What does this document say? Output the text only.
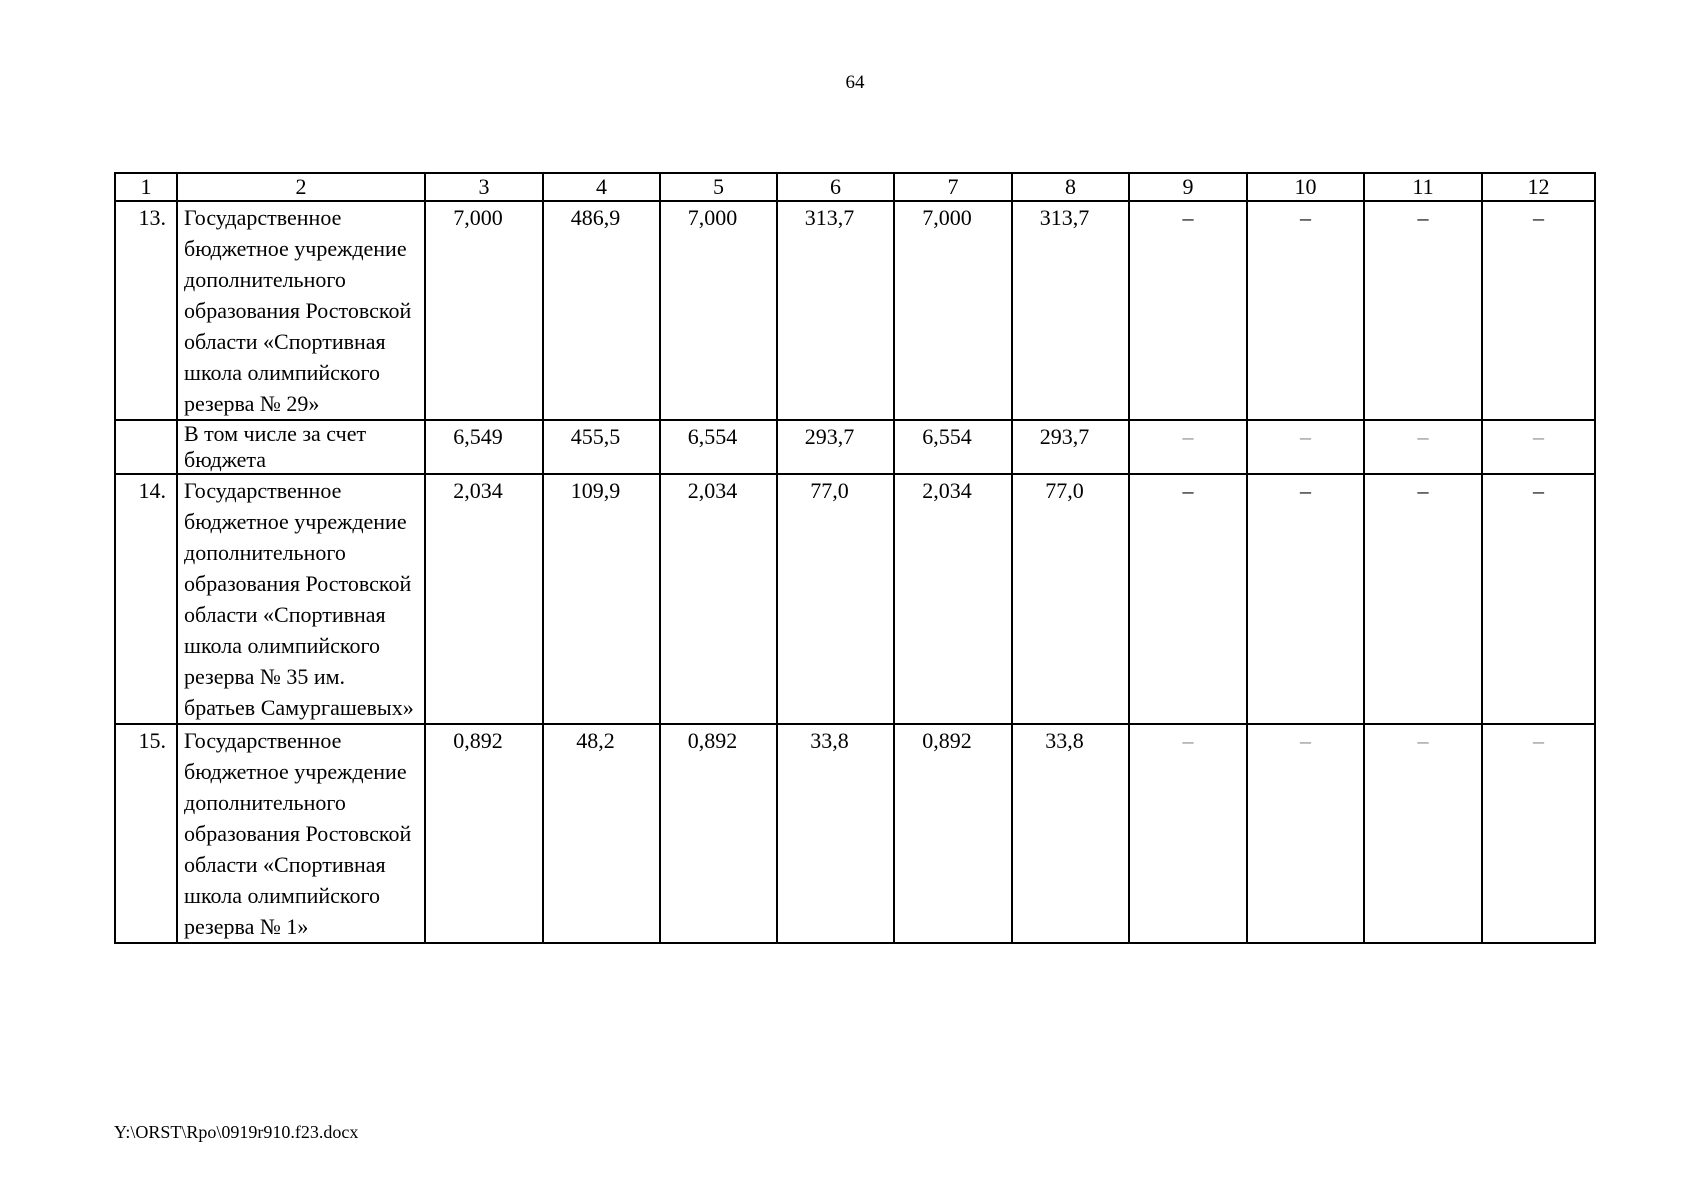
64
1	2	3	4	5	6	7	8	9	10	11	12
13.	Государственное бюджетное учреждение дополнительного образования Ростовской области «Спортивная школа олимпийского резерва № 29»	7,000	486,9	7,000	313,7	7,000	313,7	–	–	–	–
	В том числе за счет бюджета	6,549	455,5	6,554	293,7	6,554	293,7	–	–	–	–
14.	Государственное бюджетное учреждение дополнительного образования Ростовской области «Спортивная школа олимпийского резерва № 35 им. братьев Самургашевых»	2,034	109,9	2,034	77,0	2,034	77,0	–	–	–	–
15.	Государственное бюджетное учреждение дополнительного образования Ростовской области «Спортивная школа олимпийского резерва № 1»	0,892	48,2	0,892	33,8	0,892	33,8	–	–	–	–
Y:\ORST\Rpo\0919r910.f23.docx
